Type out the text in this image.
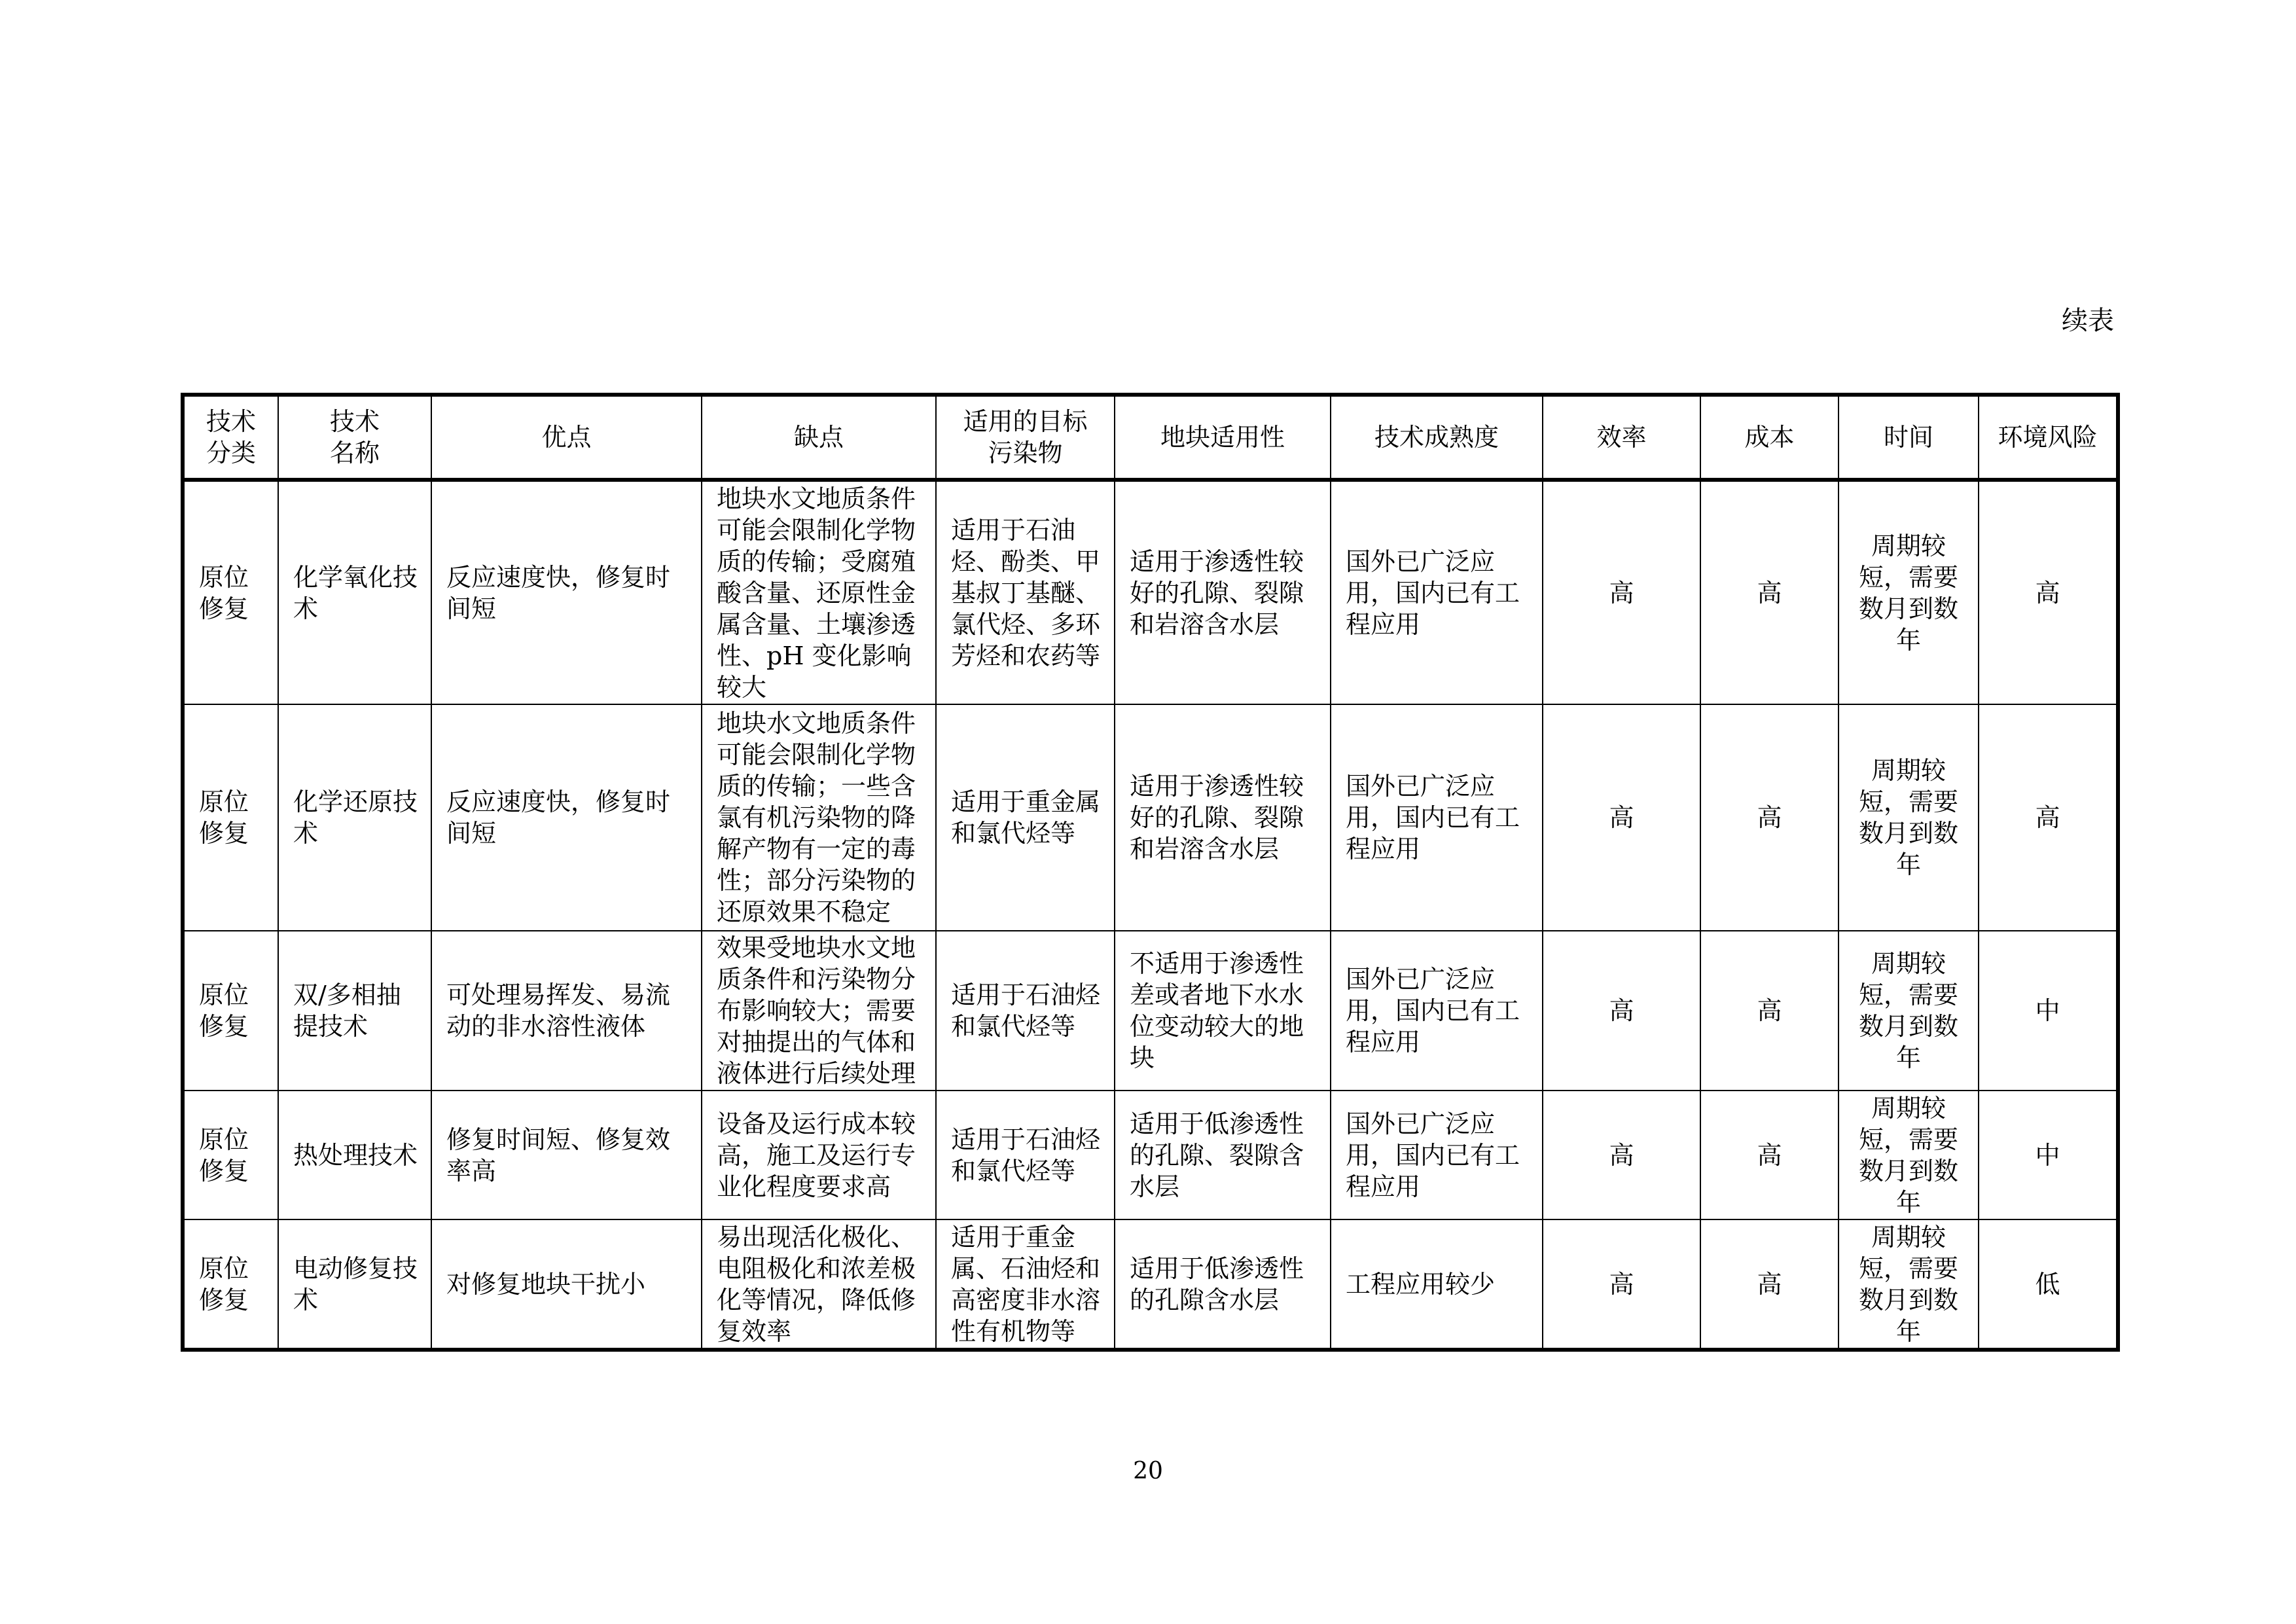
续表
技术分类	技术名称	优点	缺点	适用的目标污染物	地块适用性	技术成熟度	效率	成本	时间	环境风险
原位修复	化学氧化技术	反应速度快，修复时间短	地块水文地质条件可能会限制化学物质的传输；受腐殖酸含量、还原性金属含量、土壤渗透性、pH 变化影响较大	适用于石油烃、酚类、甲基叔丁基醚、氯代烃、多环芳烃和农药等	适用于渗透性较好的孔隙、裂隙和岩溶含水层	国外已广泛应用，国内已有工程应用	高	高	周期较短，需要数月到数年	高
原位修复	化学还原技术	反应速度快，修复时间短	地块水文地质条件可能会限制化学物质的传输；一些含氯有机污染物的降解产物有一定的毒性；部分污染物的还原效果不稳定	适用于重金属和氯代烃等	适用于渗透性较好的孔隙、裂隙和岩溶含水层	国外已广泛应用，国内已有工程应用	高	高	周期较短，需要数月到数年	高
原位修复	双/多相抽提技术	可处理易挥发、易流动的非水溶性液体	效果受地块水文地质条件和污染物分布影响较大；需要对抽提出的气体和液体进行后续处理	适用于石油烃和氯代烃等	不适用于渗透性差或者地下水水位变动较大的地块	国外已广泛应用，国内已有工程应用	高	高	周期较短，需要数月到数年	中
原位修复	热处理技术	修复时间短、修复效率高	设备及运行成本较高，施工及运行专业化程度要求高	适用于石油烃和氯代烃等	适用于低渗透性的孔隙、裂隙含水层	国外已广泛应用，国内已有工程应用	高	高	周期较短，需要数月到数年	中
原位修复	电动修复技术	对修复地块干扰小	易出现活化极化、电阻极化和浓差极化等情况，降低修复效率	适用于重金属、石油烃和高密度非水溶性有机物等	适用于低渗透性的孔隙含水层	工程应用较少	高	高	周期较短，需要数月到数年	低
20
